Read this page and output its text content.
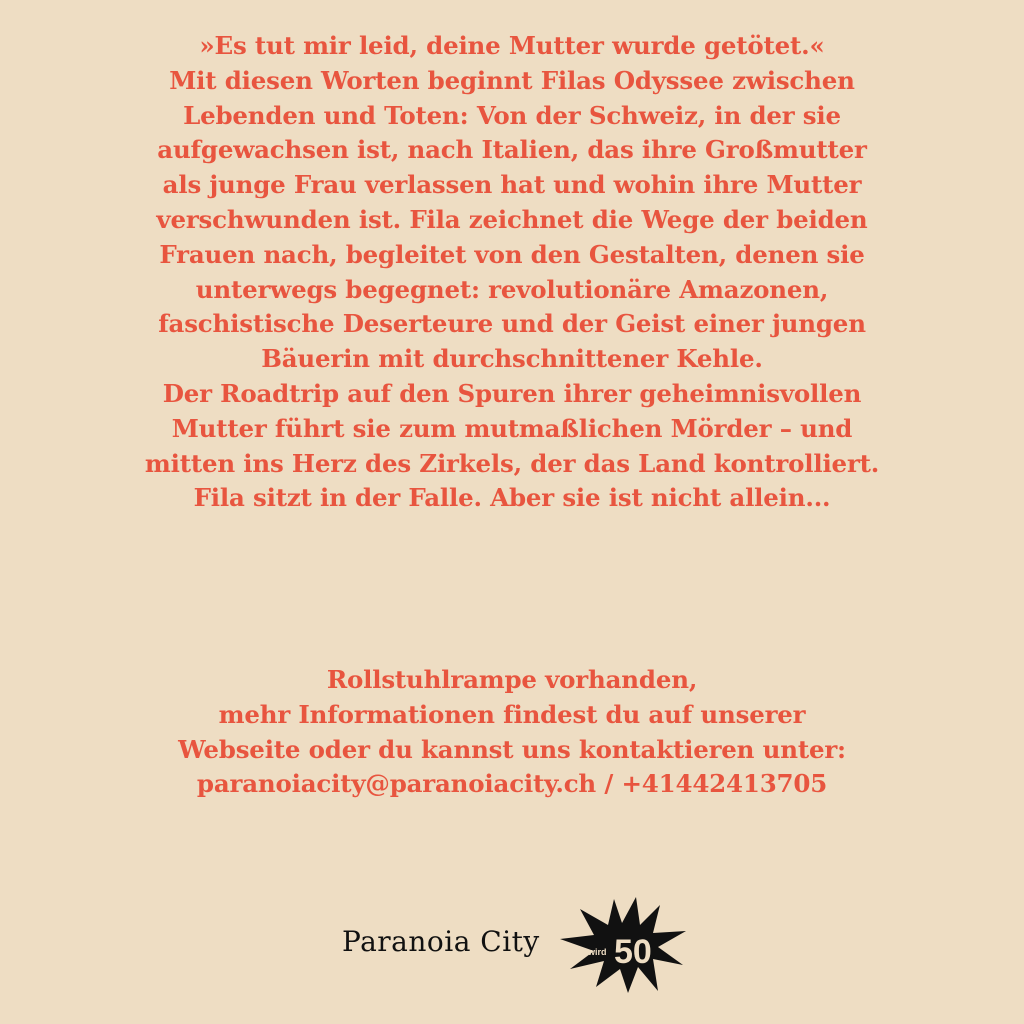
»Es tut mir leid, deine Mutter wurde getötet.«
Mit diesen Worten beginnt Filas Odyssee zwischen
Lebenden und Toten: Von der Schweiz, in der sie
aufgewachsen ist, nach Italien, das ihre Großmutter
als junge Frau verlassen hat und wohin ihre Mutter
verschwunden ist. Fila zeichnet die Wege der beiden
Frauen nach, begleitet von den Gestalten, denen sie
unterwegs begegnet: revolutionäre Amazonen,
faschistische Deserteure und der Geist einer jungen
Bäuerin mit durchschnittener Kehle.
Der Roadtrip auf den Spuren ihrer geheimnisvollen
Mutter führt sie zum mutmaßlichen Mörder – und
mitten ins Herz des Zirkels, der das Land kontrolliert.
Fila sitzt in der Falle. Aber sie ist nicht allein...
Rollstuhlrampe vorhanden,
mehr Informationen findest du auf unserer
Webseite oder du kannst uns kontaktieren unter:
paranoiacity@paranoiacity.ch / +41442413705
Paranoia City	wird 50
